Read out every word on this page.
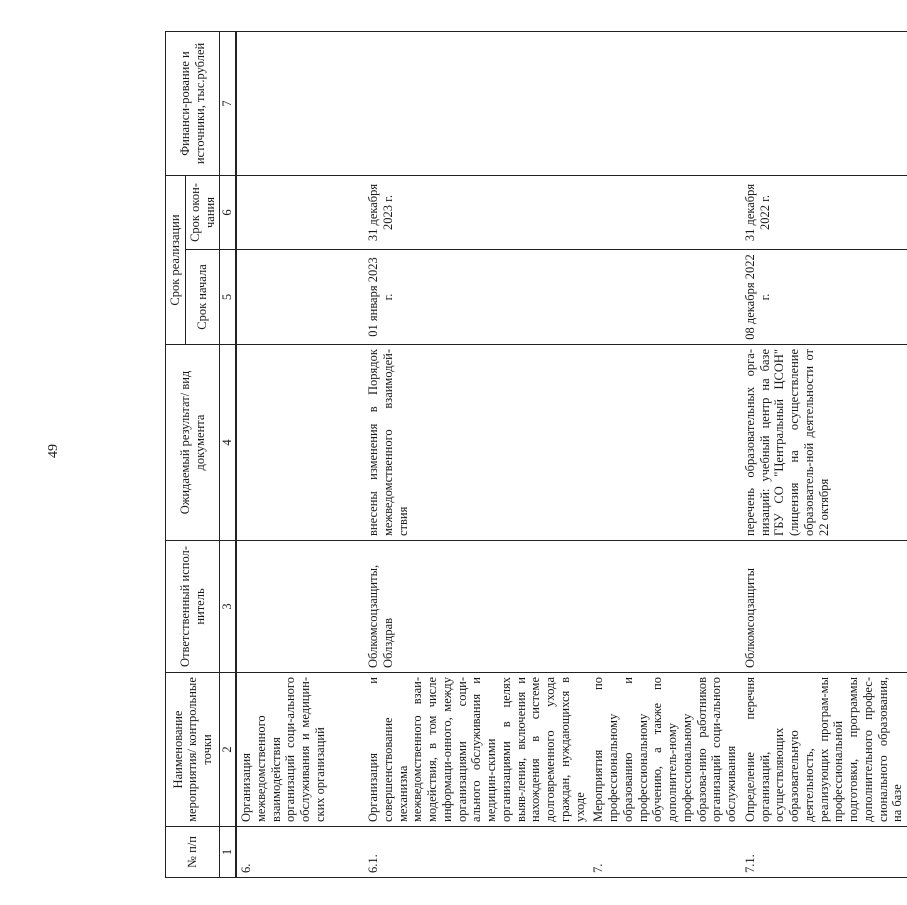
49
№ п/п	Наименование мероприятия/ контрольные точки	Ответственный испол-нитель	Ожидаемый результат/ вид документа	Срок реализации		Финанси-рование и источники, тыс.рублей
				Срок начала	Срок окон-чания	
1	2	3	4	5	6	7
6.	Организация межведомственного взаимодействия организаций соци-ального обслуживания и медицин-ских организаций					
6.1.	Организация и совершенствование механизма межведомственного взаи-модействия, в том числе информаци-онного, между организациями соци-ального обслуживания и медицин-скими организациями в целях выяв-ления, включения и нахождения в системе долговременного ухода граждан, нуждающихся в уходе	Облкомсоцзащиты, Облздрав	внесены изменения в Порядок межведомственного взаимодей-ствия	01 января 2023 г.	31 декабря 2023 г.	
7.	Мероприятия по профессиональному образованию и профессиональному обучению, а также по дополнитель-ному профессиональному образова-нию работников организаций соци-ального обслуживания					
7.1.	Определение перечня организаций, осуществляющих образовательную деятельность, реализующих програм-мы профессиональной подготовки, программы дополнительного профес-сионального образования, на базе	Облкомсоцзащиты	перечень образовательных орга-низаций: учебный центр на базе ГБУ СО "Центральный ЦСОН" (лицензия на осуществление образователь-ной деятельности от 22 октября	08 декабря 2022 г.	31 декабря 2022 г.	
